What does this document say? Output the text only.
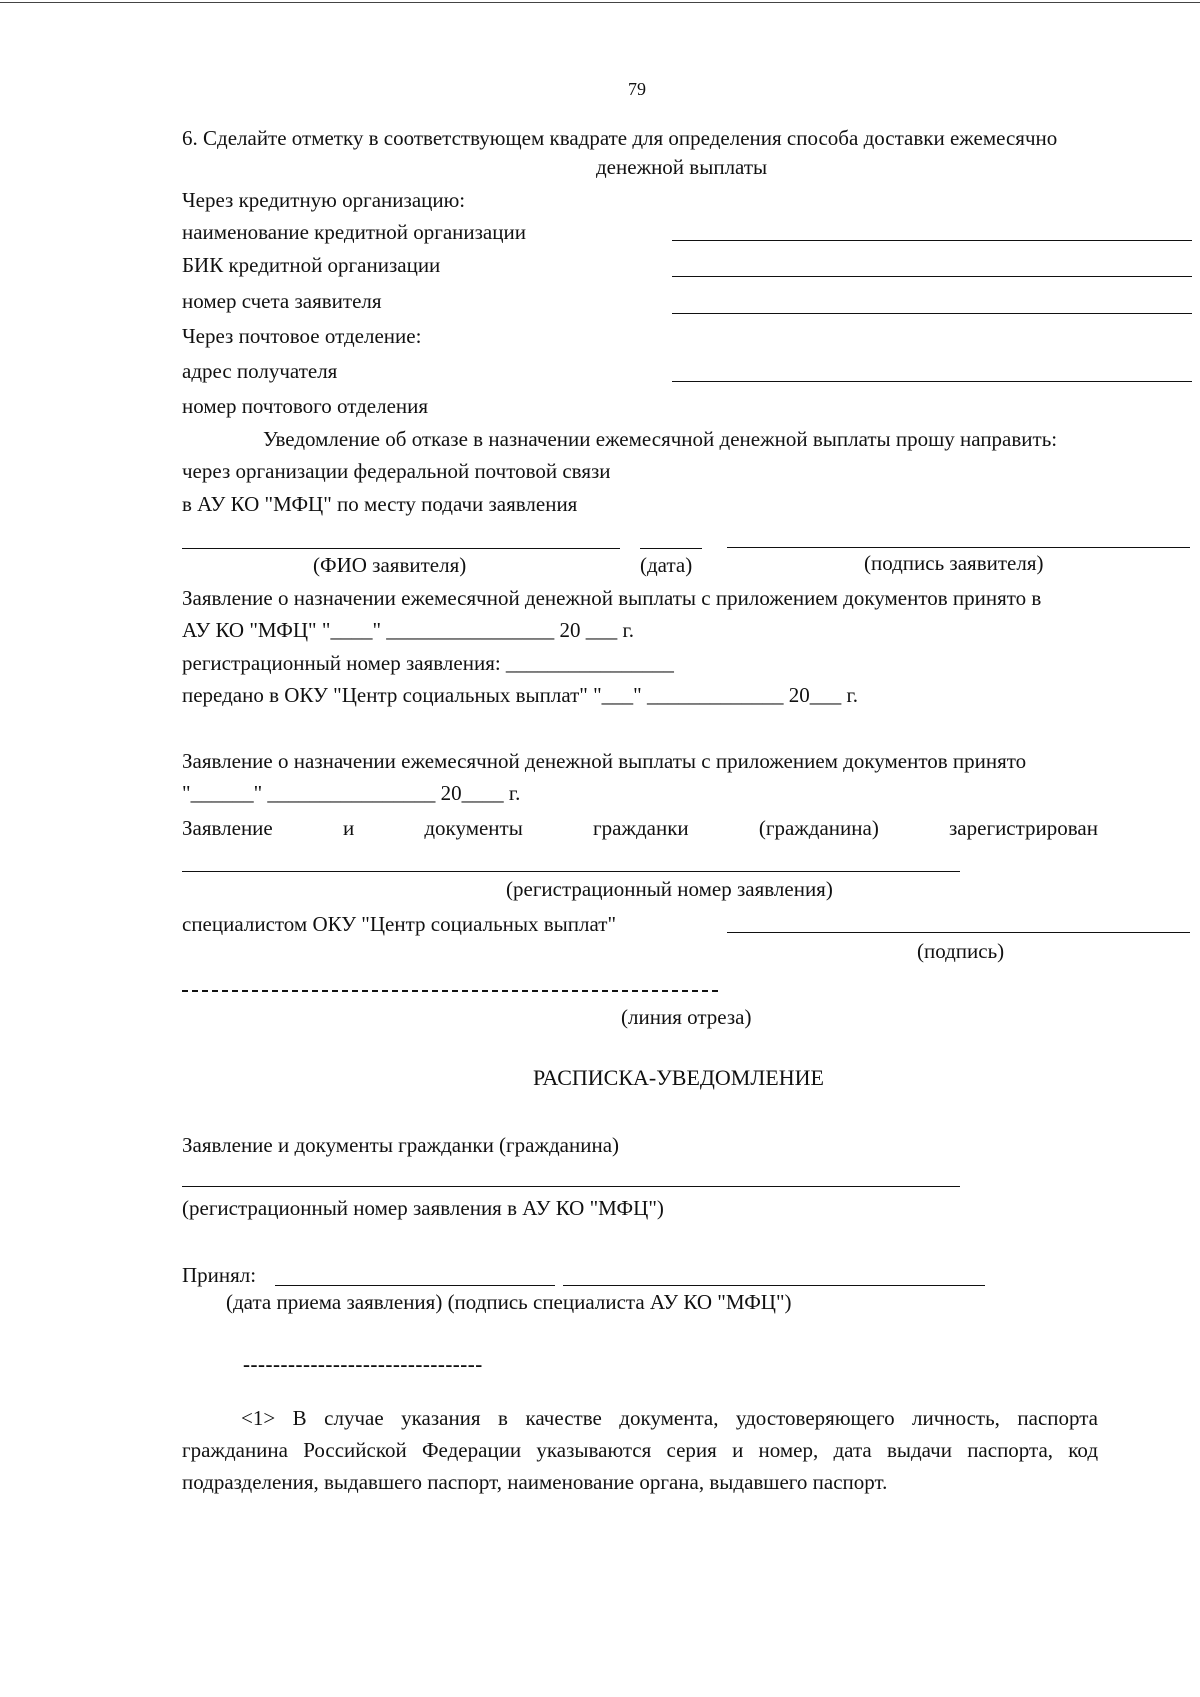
79
6. Сделайте отметку в соответствующем квадрате для определения способа доставки ежемесячно
денежной выплаты
Через кредитную организацию:
наименование кредитной организации
БИК кредитной организации
номер счета заявителя
Через почтовое отделение:
адрес получателя
номер почтового отделения
Уведомление об отказе в назначении ежемесячной денежной выплаты прошу направить:
через организации федеральной почтовой связи
в АУ КО "МФЦ" по месту подачи заявления
(ФИО заявителя)	(дата)	(подпись заявителя)
Заявление о назначении ежемесячной денежной выплаты с приложением документов принято в
АУ КО "МФЦ" "____" ________________ 20 ___ г.
регистрационный номер заявления: ________________
передано в ОКУ "Центр социальных выплат" "___" _____________ 20___ г.
Заявление о назначении ежемесячной денежной выплаты с приложением документов принято
"______" ________________ 20____ г.
Заявление	и	документы	гражданки	(гражданина)	зарегистрирован
(регистрационный номер заявления)
специалистом ОКУ "Центр социальных выплат"
(подпись)
(линия отреза)
РАСПИСКА-УВЕДОМЛЕНИЕ
Заявление и документы гражданки (гражданина)
(регистрационный номер заявления в АУ КО "МФЦ")
Принял:
(дата приема заявления) (подпись специалиста АУ КО "МФЦ")
--------------------------------
<1> В случае указания в качестве документа, удостоверяющего личность, паспорта гражданина Российской Федерации указываются серия и номер, дата выдачи паспорта, код подразделения, выдавшего паспорт, наименование органа, выдавшего паспорт.
